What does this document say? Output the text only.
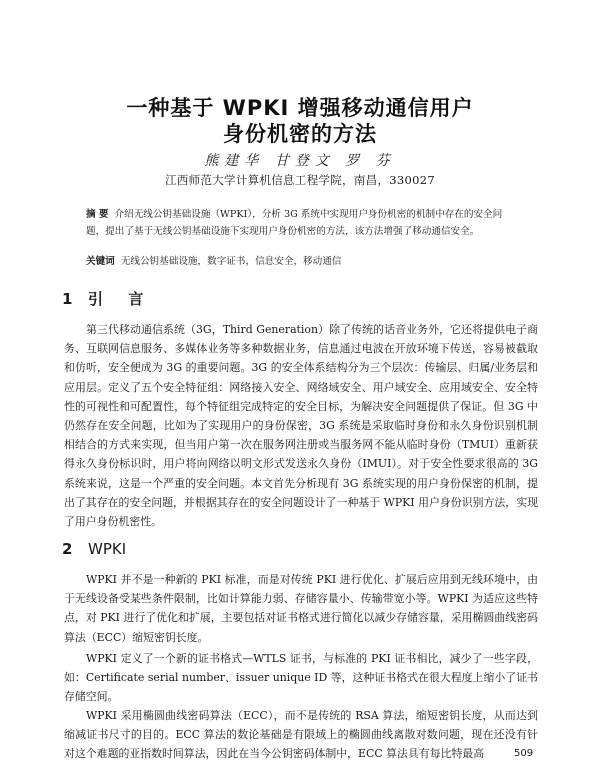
一种基于 WPKI 增强移动通信用户
身份机密的方法
熊建华 甘登文 罗 芬
江西师范大学计算机信息工程学院，南昌，330027
摘 要 介绍无线公钥基础设施（WPKI），分析 3G 系统中实现用户身份机密的机制中存在的安全问题，提出了基于无线公钥基础设施下实现用户身份机密的方法，该方法增强了移动通信安全。
关键词 无线公钥基础设施，数字证书，信息安全，移动通信
1 引 言
第三代移动通信系统（3G，Third Generation）除了传统的话音业务外，它还将提供电子商务、互联网信息服务、多媒体业务等多种数据业务，信息通过电波在开放环境下传送，容易被截取和仿听，安全便成为 3G 的重要问题。3G 的安全体系结构分为三个层次：传输层、归属/业务层和应用层。定义了五个安全特征组：网络接入安全、网络域安全、用户域安全、应用域安全、安全特性的可视性和可配置性，每个特征组完成特定的安全目标，为解决安全问题提供了保证。但 3G 中仍然存在安全问题，比如为了实现用户的身份保密，3G 系统是采取临时身份和永久身份识别机制相结合的方式来实现，但当用户第一次在服务网注册或当服务网不能从临时身份（TMUI）重新获得永久身份标识时，用户将向网络以明文形式发送永久身份（IMUI）。对于安全性要求很高的 3G 系统来说，这是一个严重的安全问题。本文首先分析现有 3G 系统实现的用户身份保密的机制，提出了其存在的安全问题，并根据其存在的安全问题设计了一种基于 WPKI 用户身份识别方法，实现了用户身份机密性。
2 WPKI
WPKI 并不是一种新的 PKI 标准，而是对传统 PKI 进行优化、扩展后应用到无线环境中，由于无线设备受某些条件限制，比如计算能力弱、存储容量小、传输带宽小等。WPKI 为适应这些特点，对 PKI 进行了优化和扩展，主要包括对证书格式进行简化以减少存储容量，采用椭圆曲线密码算法（ECC）缩短密钥长度。
WPKI 定义了一个新的证书格式—WTLS 证书，与标准的 PKI 证书相比，减少了一些字段，如：Certificate serial number、issuer unique ID 等，这种证书格式在很大程度上缩小了证书存储空间。
WPKI 采用椭圆曲线密码算法（ECC），而不是传统的 RSA 算法，缩短密钥长度，从而达到缩减证书尺寸的目的。ECC 算法的数论基础是有限域上的椭圆曲线离散对数问题，现在还没有针对这个难题的亚指数时间算法，因此在当今公钥密码体制中，ECC 算法具有每比特最高	509
